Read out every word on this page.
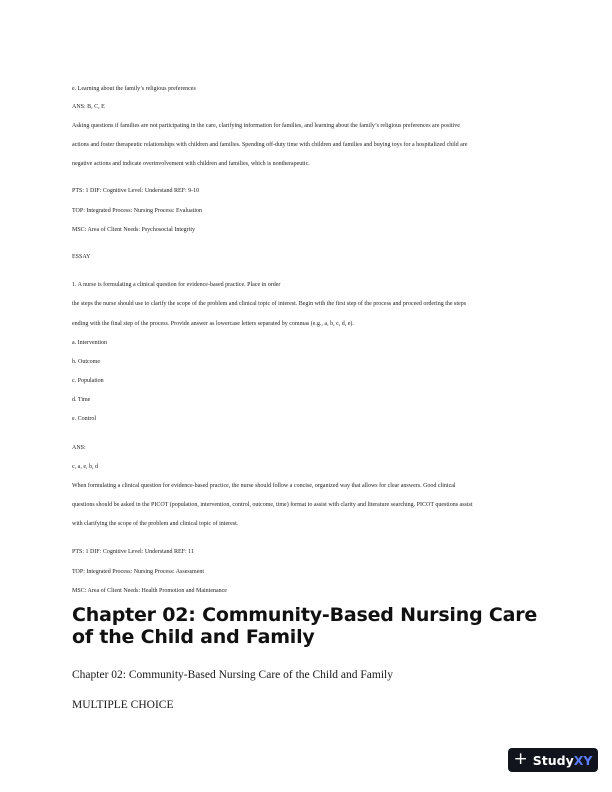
e. Learning about the family’s religious preferences
ANS: B, C, E
Asking questions if families are not participating in the care, clarifying information for families, and learning about the family’s religious preferences are positive
actions and foster therapeutic relationships with children and families. Spending off-duty time with children and families and buying toys for a hospitalized child are
negative actions and indicate overinvolvement with children and families, which is nontherapeutic.
PTS: 1 DIF: Cognitive Level: Understand REF: 9-10
TOP: Integrated Process: Nursing Process: Evaluation
MSC: Area of Client Needs: Psychosocial Integrity
ESSAY
1. A nurse is formulating a clinical question for evidence-based practice. Place in order
the steps the nurse should use to clarify the scope of the problem and clinical topic of interest. Begin with the first step of the process and proceed ordering the steps
ending with the final step of the process. Provide answer as lowercase letters separated by commas (e.g., a, b, c, d, e).
a. Intervention
b. Outcome
c. Population
d. Time
e. Control
ANS:
c, a, e, b, d
When formulating a clinical question for evidence-based practice, the nurse should follow a concise, organized way that allows for clear answers. Good clinical
questions should be asked in the PICOT (population, intervention, control, outcome, time) format to assist with clarity and literature searching. PICOT questions assist
with clarifying the scope of the problem and clinical topic of interest.
PTS: 1 DIF: Cognitive Level: Understand REF: 11
TOP: Integrated Process: Nursing Process: Assessment
MSC: Area of Client Needs: Health Promotion and Maintenance
Chapter 02: Community-Based Nursing Care of the Child and Family
Chapter 02: Community-Based Nursing Care of the Child and Family
MULTIPLE CHOICE
+ StudyXY
